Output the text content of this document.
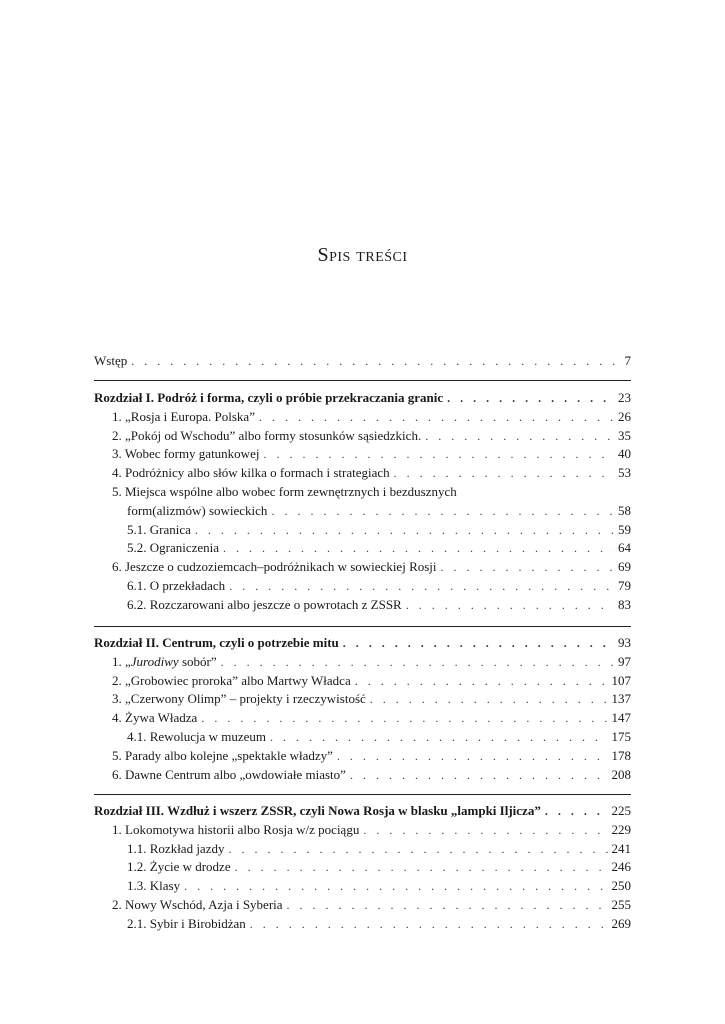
Spis treści
Wstęp . . .	7
Rozdział I. Podróż i forma, czyli o próbie przekraczania granic . . .	23
1. „Rosja i Europa. Polska” . . .	26
2. „Pokój od Wschodu” albo formy stosunków sąsiedzkich. . . .	35
3. Wobec formy gatunkowej . . .	40
4. Podróżnicy albo słów kilka o formach i strategiach . . .	53
5. Miejsca wspólne albo wobec form zewnętrznych i bezdusznych
form(alizmów) sowieckich . . .	58
5.1. Granica . . .	59
5.2. Ograniczenia . . .	64
6. Jeszcze o cudzoziemcach–podróżnikach w sowieckiej Rosji . . .	69
6.1. O przekładach . . .	79
6.2. Rozczarowani albo jeszcze o powrotach z ZSSR . . .	83
Rozdział II. Centrum, czyli o potrzebie mitu . . .	93
1. „Jurodiwy sobór” . . .	97
2. „Grobowiec proroka” albo Martwy Władca . . .	107
3. „Czerwony Olimp” – projekty i rzeczywistość . . .	137
4. Żywa Władza . . .	147
4.1. Rewolucja w muzeum . . .	175
5. Parady albo kolejne „spektakle władzy” . . .	178
6. Dawne Centrum albo „owdowiałe miasto” . . .	208
Rozdział III. Wzdłuż i wszerz ZSSR, czyli Nowa Rosja w blasku „lampki Iljicza” . . .	225
1. Lokomotywa historii albo Rosja w/z pociągu . . .	229
1.1. Rozkład jazdy . . .	241
1.2. Życie w drodze . . .	246
1.3. Klasy . . .	250
2. Nowy Wschód, Azja i Syberia . . .	255
2.1. Sybir i Birobidżan . . .	269
